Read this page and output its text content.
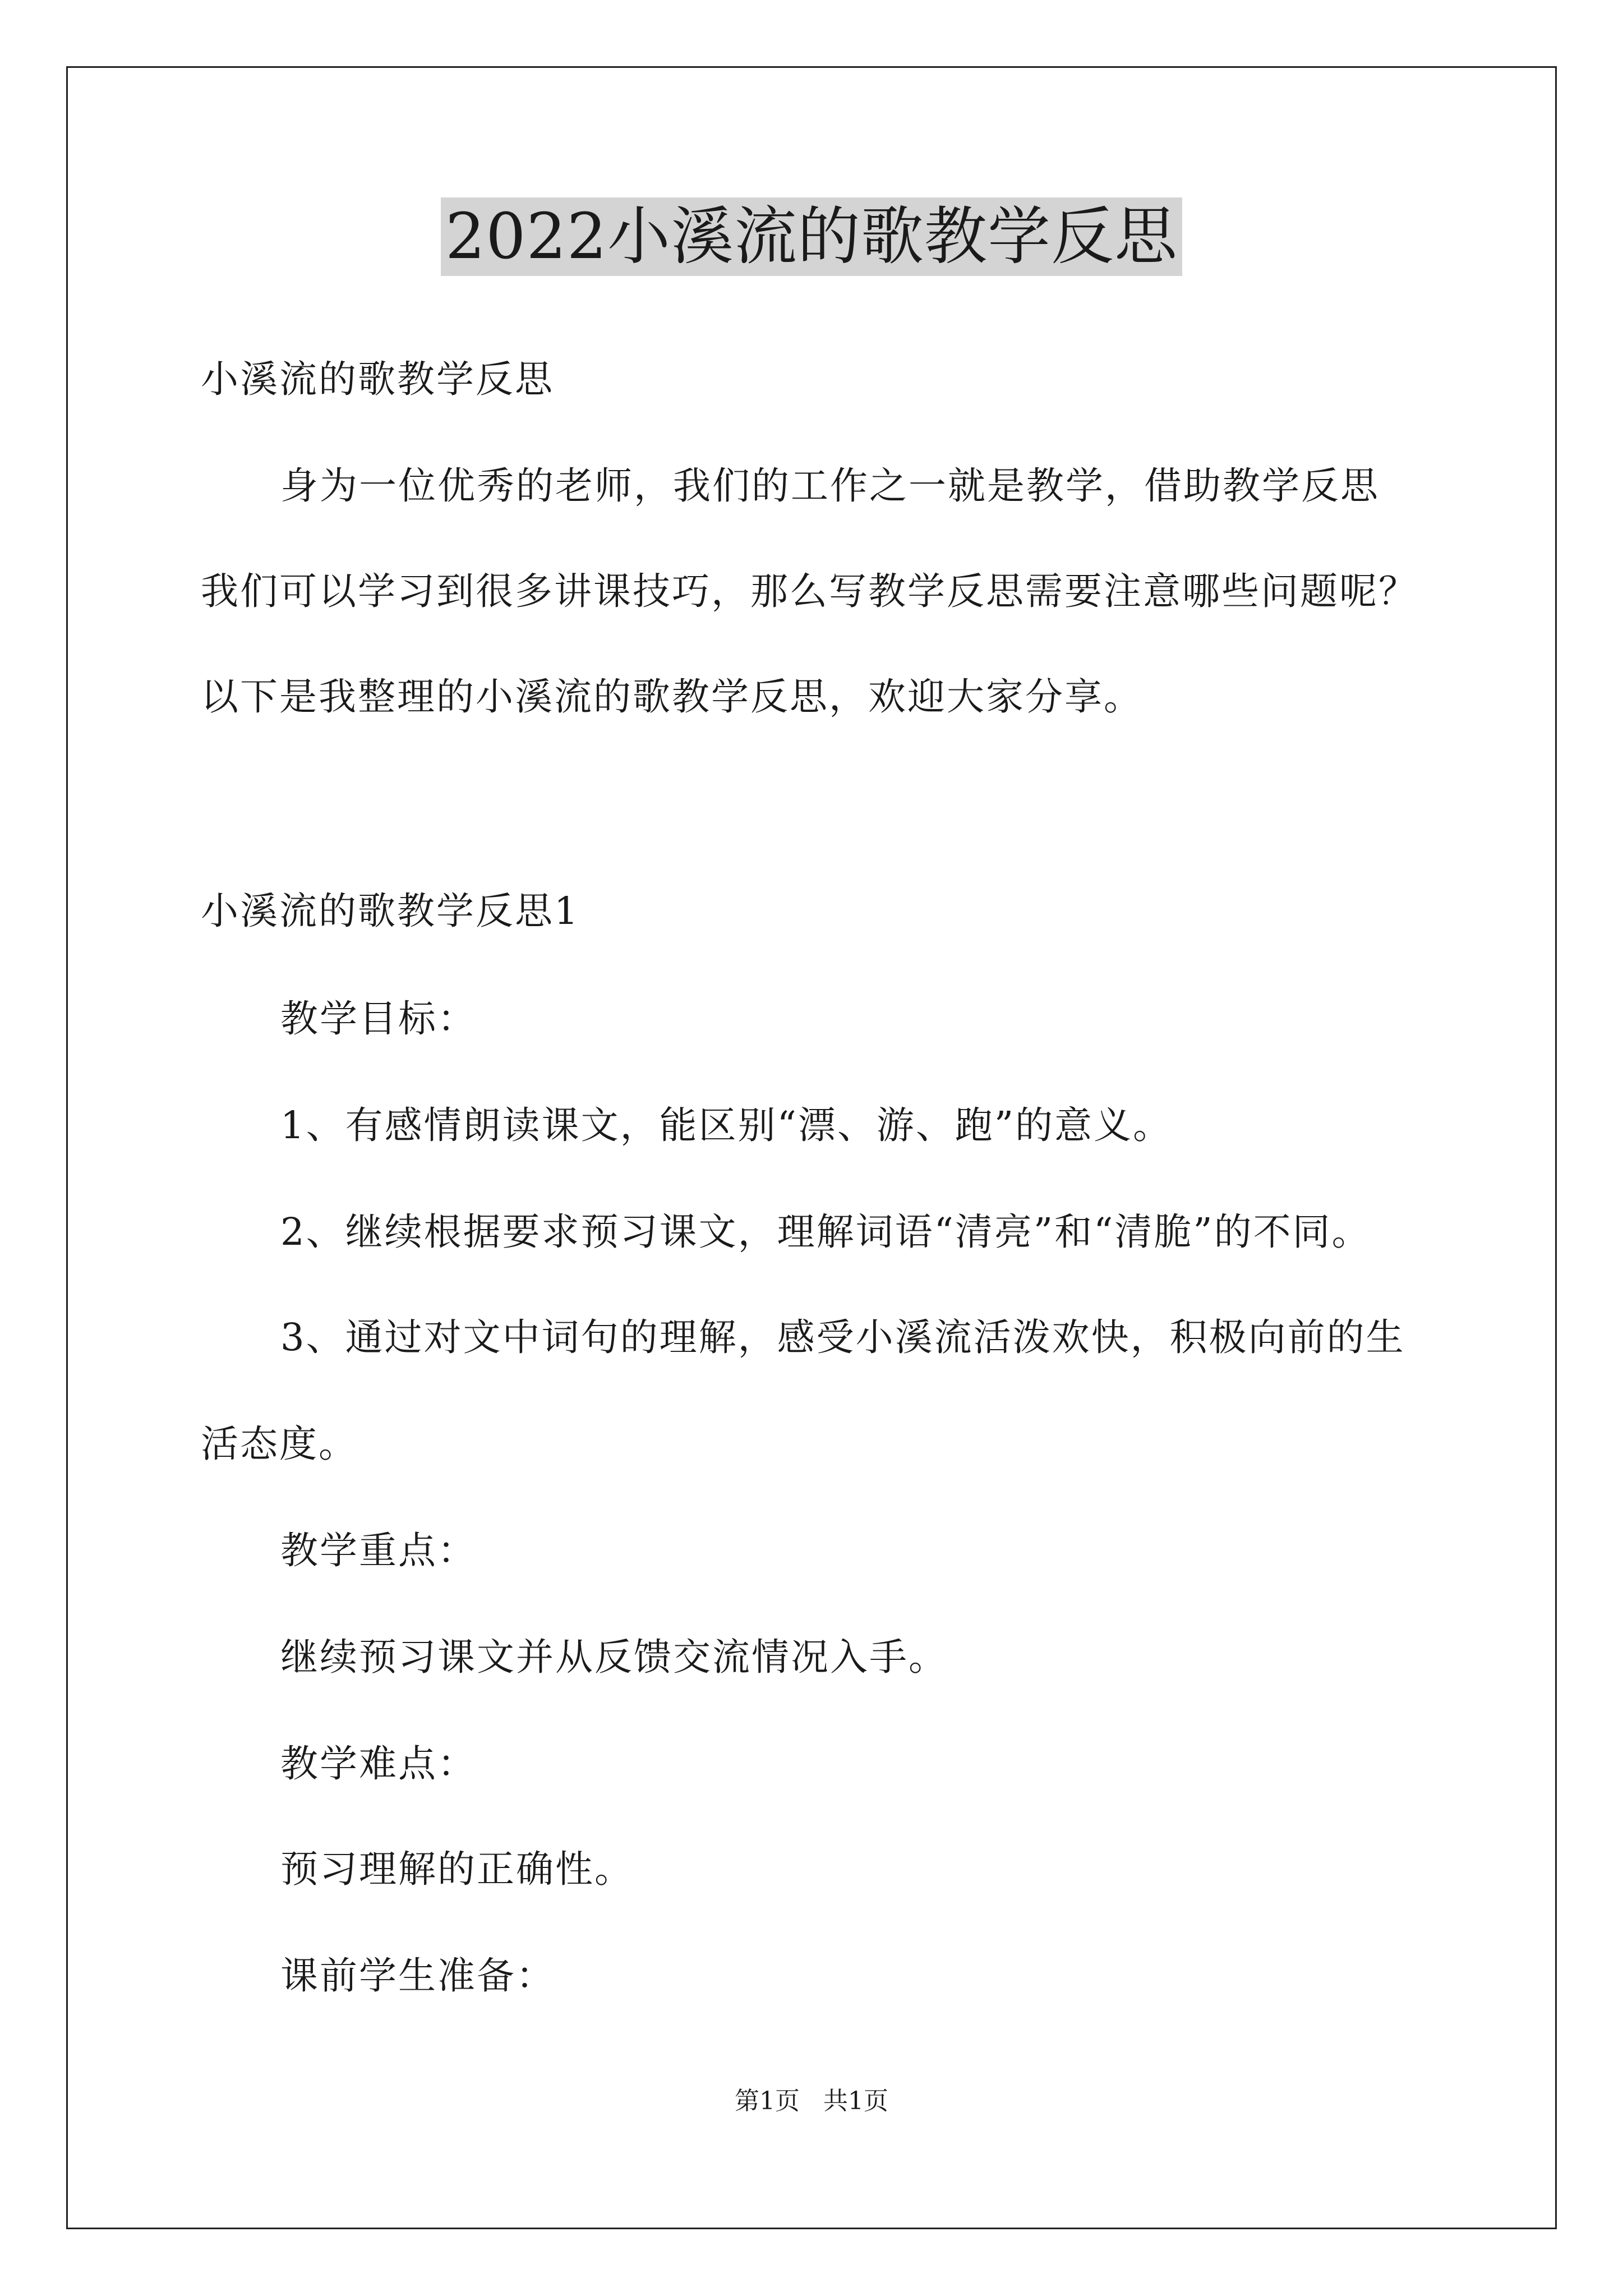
2022小溪流的歌教学反思
小溪流的歌教学反思
身为一位优秀的老师，我们的工作之一就是教学，借助教学反思
我们可以学习到很多讲课技巧，那么写教学反思需要注意哪些问题呢？
以下是我整理的小溪流的歌教学反思，欢迎大家分享。
小溪流的歌教学反思1
教学目标：
1、有感情朗读课文，能区别“漂、游、跑”的意义。
2、继续根据要求预习课文，理解词语“清亮”和“清脆”的不同。
3、通过对文中词句的理解，感受小溪流活泼欢快，积极向前的生
活态度。
教学重点：
继续预习课文并从反馈交流情况入手。
教学难点：
预习理解的正确性。
课前学生准备：
第1页 共1页
